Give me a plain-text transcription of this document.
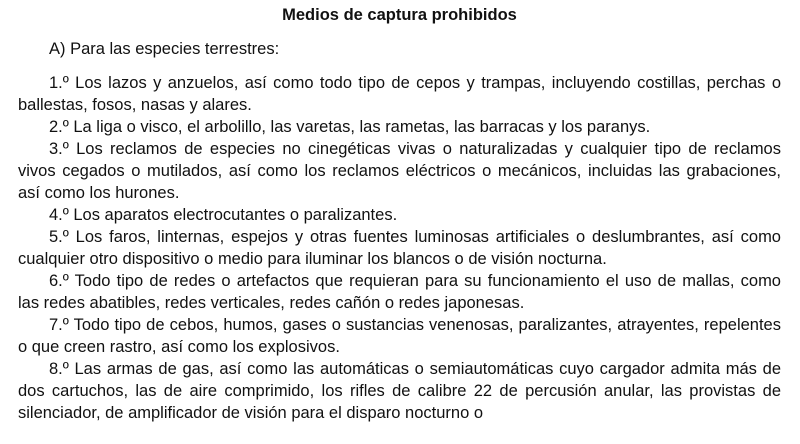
Medios de captura prohibidos

A) Para las especies terrestres:

1.º Los lazos y anzuelos, así como todo tipo de cepos y trampas, incluyendo costillas, perchas o ballestas, fosos, nasas y alares.

2.º La liga o visco, el arbolillo, las varetas, las rametas, las barracas y los paranys.

3.º Los reclamos de especies no cinegéticas vivas o naturalizadas y cualquier tipo de reclamos vivos cegados o mutilados, así como los reclamos eléctricos o mecánicos, incluidas las grabaciones, así como los hurones.

4.º Los aparatos electrocutantes o paralizantes.

5.º Los faros, linternas, espejos y otras fuentes luminosas artificiales o deslumbrantes, así como cualquier otro dispositivo o medio para iluminar los blancos o de visión nocturna.

6.º Todo tipo de redes o artefactos que requieran para su funcionamiento el uso de mallas, como las redes abatibles, redes verticales, redes cañón o redes japonesas.

7.º Todo tipo de cebos, humos, gases o sustancias venenosas, paralizantes, atrayentes, repelentes o que creen rastro, así como los explosivos.

8.º Las armas de gas, así como las automáticas o semiautomáticas cuyo cargador admita más de dos cartuchos, las de aire comprimido, los rifles de calibre 22 de percusión anular, las provistas de silenciador, de amplificador de visión para el disparo nocturno o
